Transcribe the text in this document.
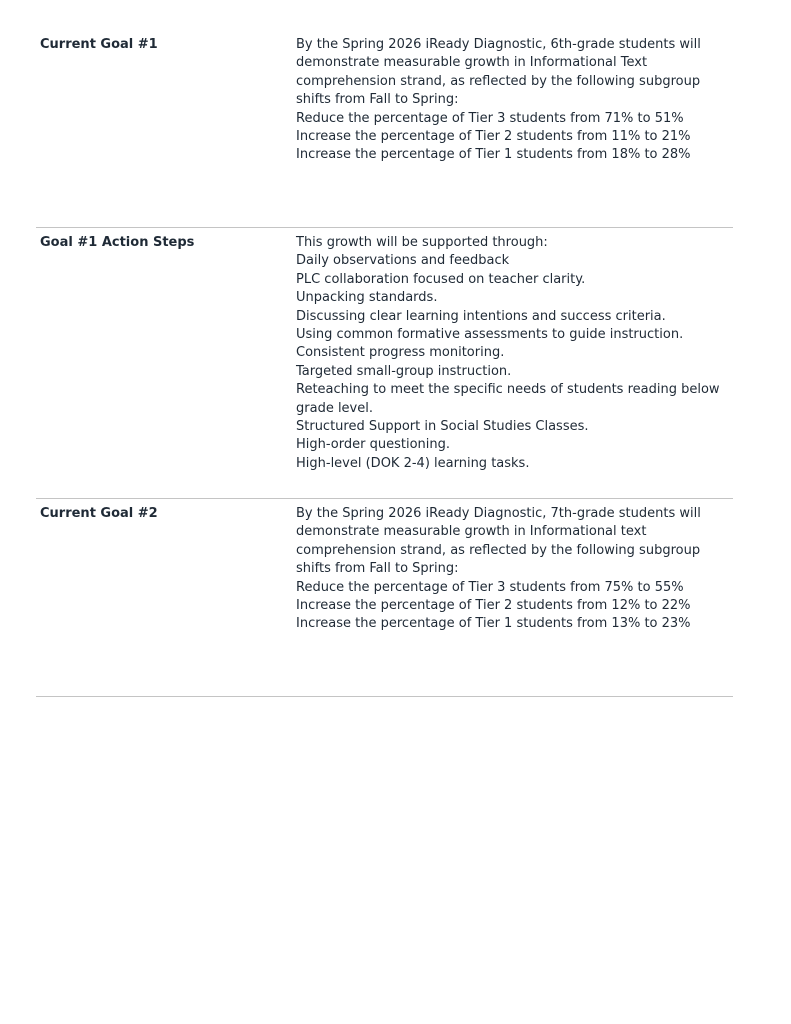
Current Goal #1	By the Spring 2026 iReady Diagnostic, 6th-grade students will
demonstrate measurable growth in Informational Text
comprehension strand, as reflected by the following subgroup
shifts from Fall to Spring:
Reduce the percentage of Tier 3 students from 71% to 51%
Increase the percentage of Tier 2 students from 11% to 21%
Increase the percentage of Tier 1 students from 18% to 28%
Goal #1 Action Steps	This growth will be supported through:
Daily observations and feedback
PLC collaboration focused on teacher clarity.
Unpacking standards.
Discussing clear learning intentions and success criteria.
Using common formative assessments to guide instruction.
Consistent progress monitoring.
Targeted small-group instruction.
Reteaching to meet the specific needs of students reading below
grade level.
Structured Support in Social Studies Classes.
High-order questioning.
High-level (DOK 2-4) learning tasks.
Current Goal #2	By the Spring 2026 iReady Diagnostic, 7th-grade students will
demonstrate measurable growth in Informational text
comprehension strand, as reflected by the following subgroup
shifts from Fall to Spring:
Reduce the percentage of Tier 3 students from 75% to 55%
Increase the percentage of Tier 2 students from 12% to 22%
Increase the percentage of Tier 1 students from 13% to 23%
